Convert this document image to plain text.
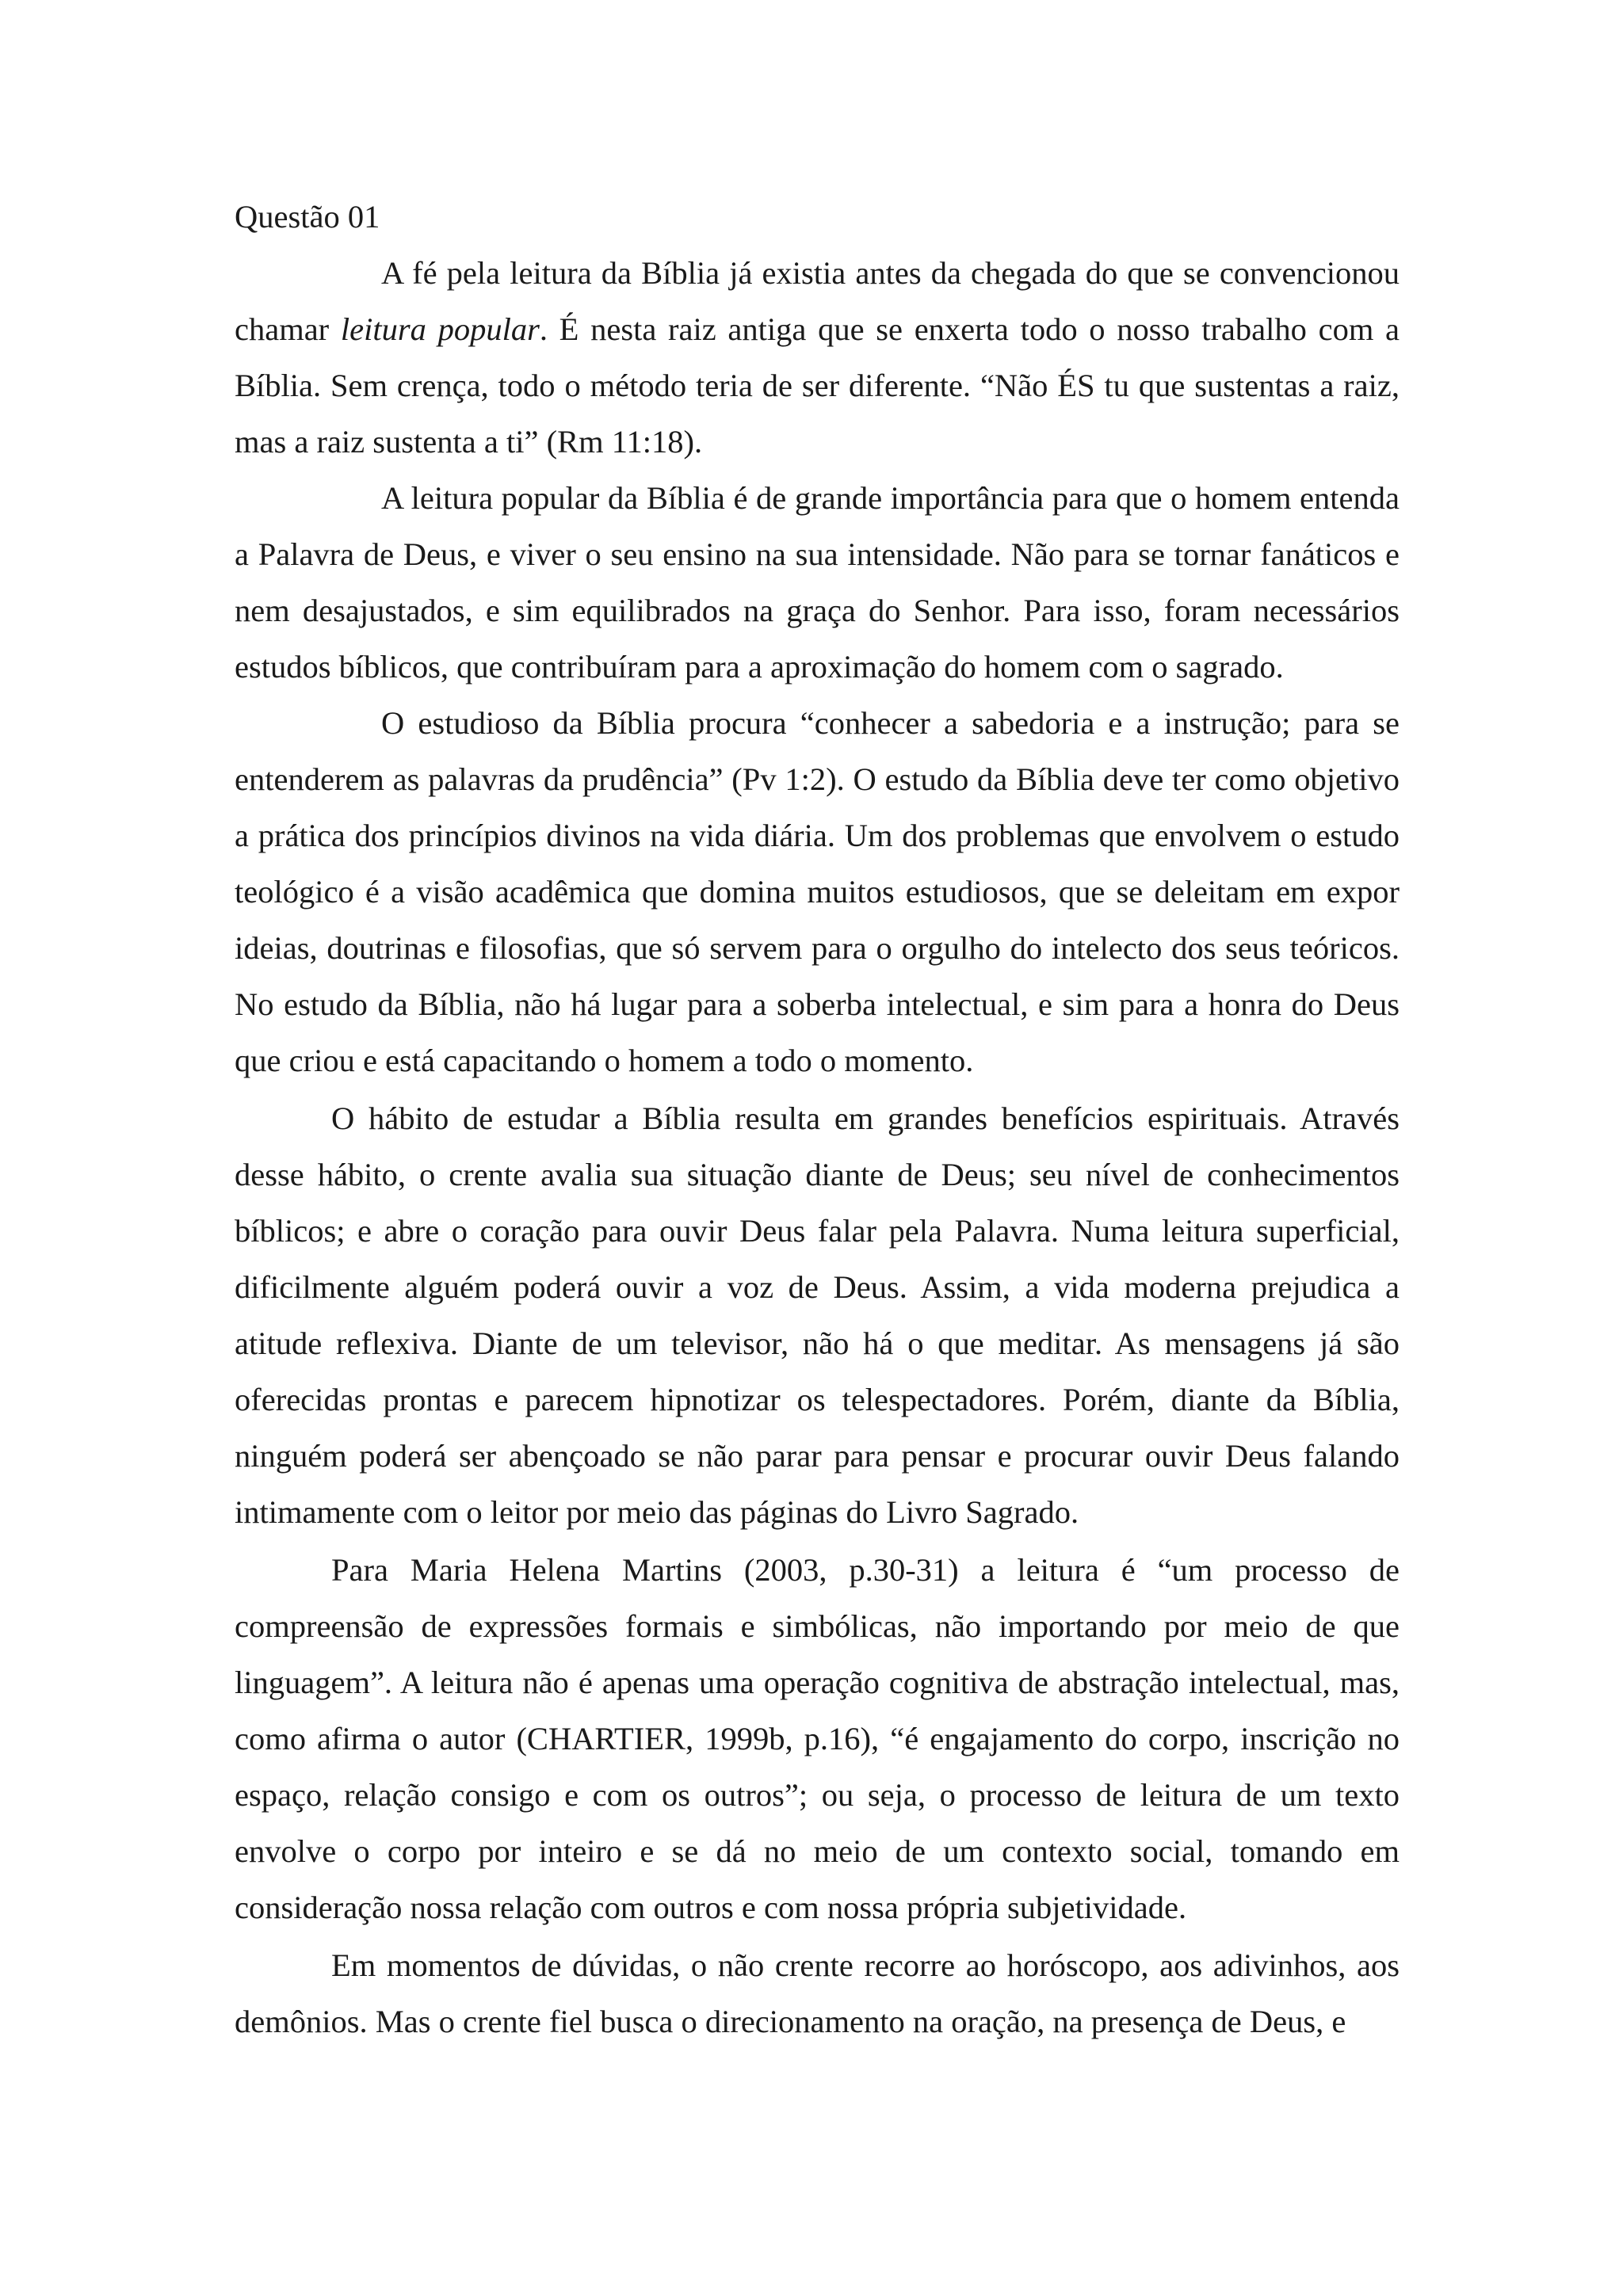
Questão 01

A fé pela leitura da Bíblia já existia antes da chegada do que se convencionou chamar leitura popular. É nesta raiz antiga que se enxerta todo o nosso trabalho com a Bíblia. Sem crença, todo o método teria de ser diferente. “Não ÉS tu que sustentas a raiz, mas a raiz sustenta a ti” (Rm 11:18).

A leitura popular da Bíblia é de grande importância para que o homem entenda a Palavra de Deus, e viver o seu ensino na sua intensidade. Não para se tornar fanáticos e nem desajustados, e sim equilibrados na graça do Senhor. Para isso, foram necessários estudos bíblicos, que contribuíram para a aproximação do homem com o sagrado.

O estudioso da Bíblia procura “conhecer a sabedoria e a instrução; para se entenderem as palavras da prudência” (Pv 1:2). O estudo da Bíblia deve ter como objetivo a prática dos princípios divinos na vida diária. Um dos problemas que envolvem o estudo teológico é a visão acadêmica que domina muitos estudiosos, que se deleitam em expor ideias, doutrinas e filosofias, que só servem para o orgulho do intelecto dos seus teóricos. No estudo da Bíblia, não há lugar para a soberba intelectual, e sim para a honra do Deus que criou e está capacitando o homem a todo o momento.

O hábito de estudar a Bíblia resulta em grandes benefícios espirituais. Através desse hábito, o crente avalia sua situação diante de Deus; seu nível de conhecimentos bíblicos; e abre o coração para ouvir Deus falar pela Palavra. Numa leitura superficial, dificilmente alguém poderá ouvir a voz de Deus. Assim, a vida moderna prejudica a atitude reflexiva. Diante de um televisor, não há o que meditar. As mensagens já são oferecidas prontas e parecem hipnotizar os telespectadores. Porém, diante da Bíblia, ninguém poderá ser abençoado se não parar para pensar e procurar ouvir Deus falando intimamente com o leitor por meio das páginas do Livro Sagrado.

Para Maria Helena Martins (2003, p.30-31) a leitura é “um processo de compreensão de expressões formais e simbólicas, não importando por meio de que linguagem”. A leitura não é apenas uma operação cognitiva de abstração intelectual, mas, como afirma o autor (CHARTIER, 1999b, p.16), “é engajamento do corpo, inscrição no espaço, relação consigo e com os outros”; ou seja, o processo de leitura de um texto envolve o corpo por inteiro e se dá no meio de um contexto social, tomando em consideração nossa relação com outros e com nossa própria subjetividade.

Em momentos de dúvidas, o não crente recorre ao horóscopo, aos adivinhos, aos demônios. Mas o crente fiel busca o direcionamento na oração, na presença de Deus, e
